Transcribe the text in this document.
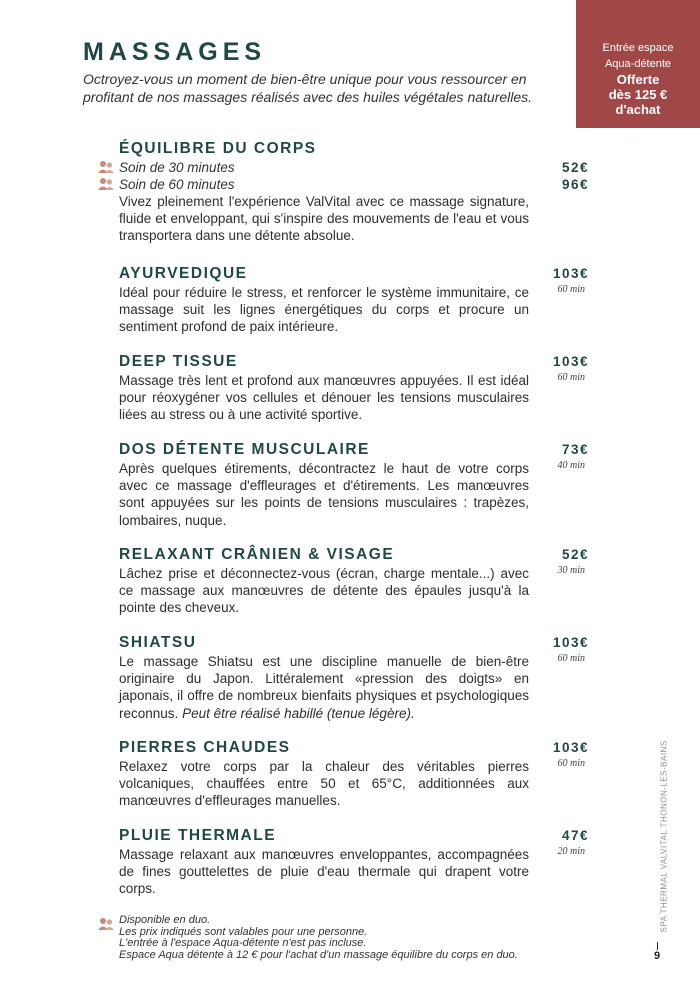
Entrée espace
Aqua-détente
Offerte
dès 125 €
d'achat
MASSAGES
Octroyez-vous un moment de bien-être unique pour vous ressourcer en profitant de nos massages réalisés avec des huiles végétales naturelles.
ÉQUILIBRE DU CORPS
Soin de 30 minutes	52€
Soin de 60 minutes	96€
Vivez pleinement l'expérience ValVital avec ce massage signature, fluide et enveloppant, qui s'inspire des mouvements de l'eau et vous transportera dans une détente absolue.
AYURVEDIQUE	103€
60 min
Idéal pour réduire le stress, et renforcer le système immunitaire, ce massage suit les lignes énergétiques du corps et procure un sentiment profond de paix intérieure.
DEEP TISSUE	103€
60 min
Massage très lent et profond aux manœuvres appuyées. Il est idéal pour réoxygéner vos cellules et dénouer les tensions musculaires liées au stress ou à une activité sportive.
DOS DÉTENTE MUSCULAIRE	73€
40 min
Après quelques étirements, décontractez le haut de votre corps avec ce massage d'effleurages et d'étirements. Les manœuvres sont appuyées sur les points de tensions musculaires : trapèzes, lombaires, nuque.
RELAXANT CRÂNIEN & VISAGE	52€
30 min
Lâchez prise et déconnectez-vous (écran, charge mentale...) avec ce massage aux manœuvres de détente des épaules jusqu'à la pointe des cheveux.
SHIATSU	103€
60 min
Le massage Shiatsu est une discipline manuelle de bien-être originaire du Japon. Littéralement «pression des doigts» en japonais, il offre de nombreux bienfaits physiques et psychologiques reconnus. Peut être réalisé habillé (tenue légère).
PIERRES CHAUDES	103€
60 min
Relaxez votre corps par la chaleur des véritables pierres volcaniques, chauffées entre 50 et 65°C, additionnées aux manœuvres d'effleurages manuelles.
PLUIE THERMALE	47€
20 min
Massage relaxant aux manœuvres enveloppantes, accompagnées de fines gouttelettes de pluie d'eau thermale qui drapent votre corps.
Disponible en duo.
Les prix indiqués sont valables pour une personne.
L'entrée à l'espace Aqua-détente n'est pas incluse.
Espace Aqua détente à 12 € pour l'achat d'un massage équilibre du corps en duo.
SPA THERMAL VALVITAL THONON-LES-BAINS
9
